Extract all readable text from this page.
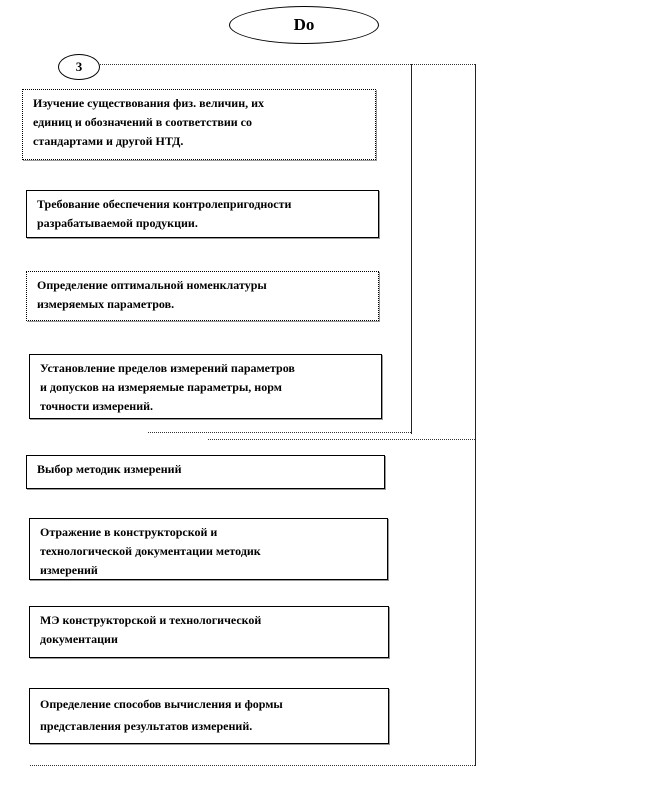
Do
3
Изучение существования физ. величин, их
единиц и обозначений в соответствии со
стандартами и другой НТД.
Требование обеспечения контролепригодности
разрабатываемой продукции.
Определение оптимальной номенклатуры
измеряемых параметров.
Установление пределов измерений параметров
и допусков на измеряемые параметры, норм
точности измерений.
Выбор методик измерений
Отражение в конструкторской и
технологической документации методик
измерений
МЭ конструкторской и технологической
документации
Определение способов вычисления и формы
представления результатов измерений.
